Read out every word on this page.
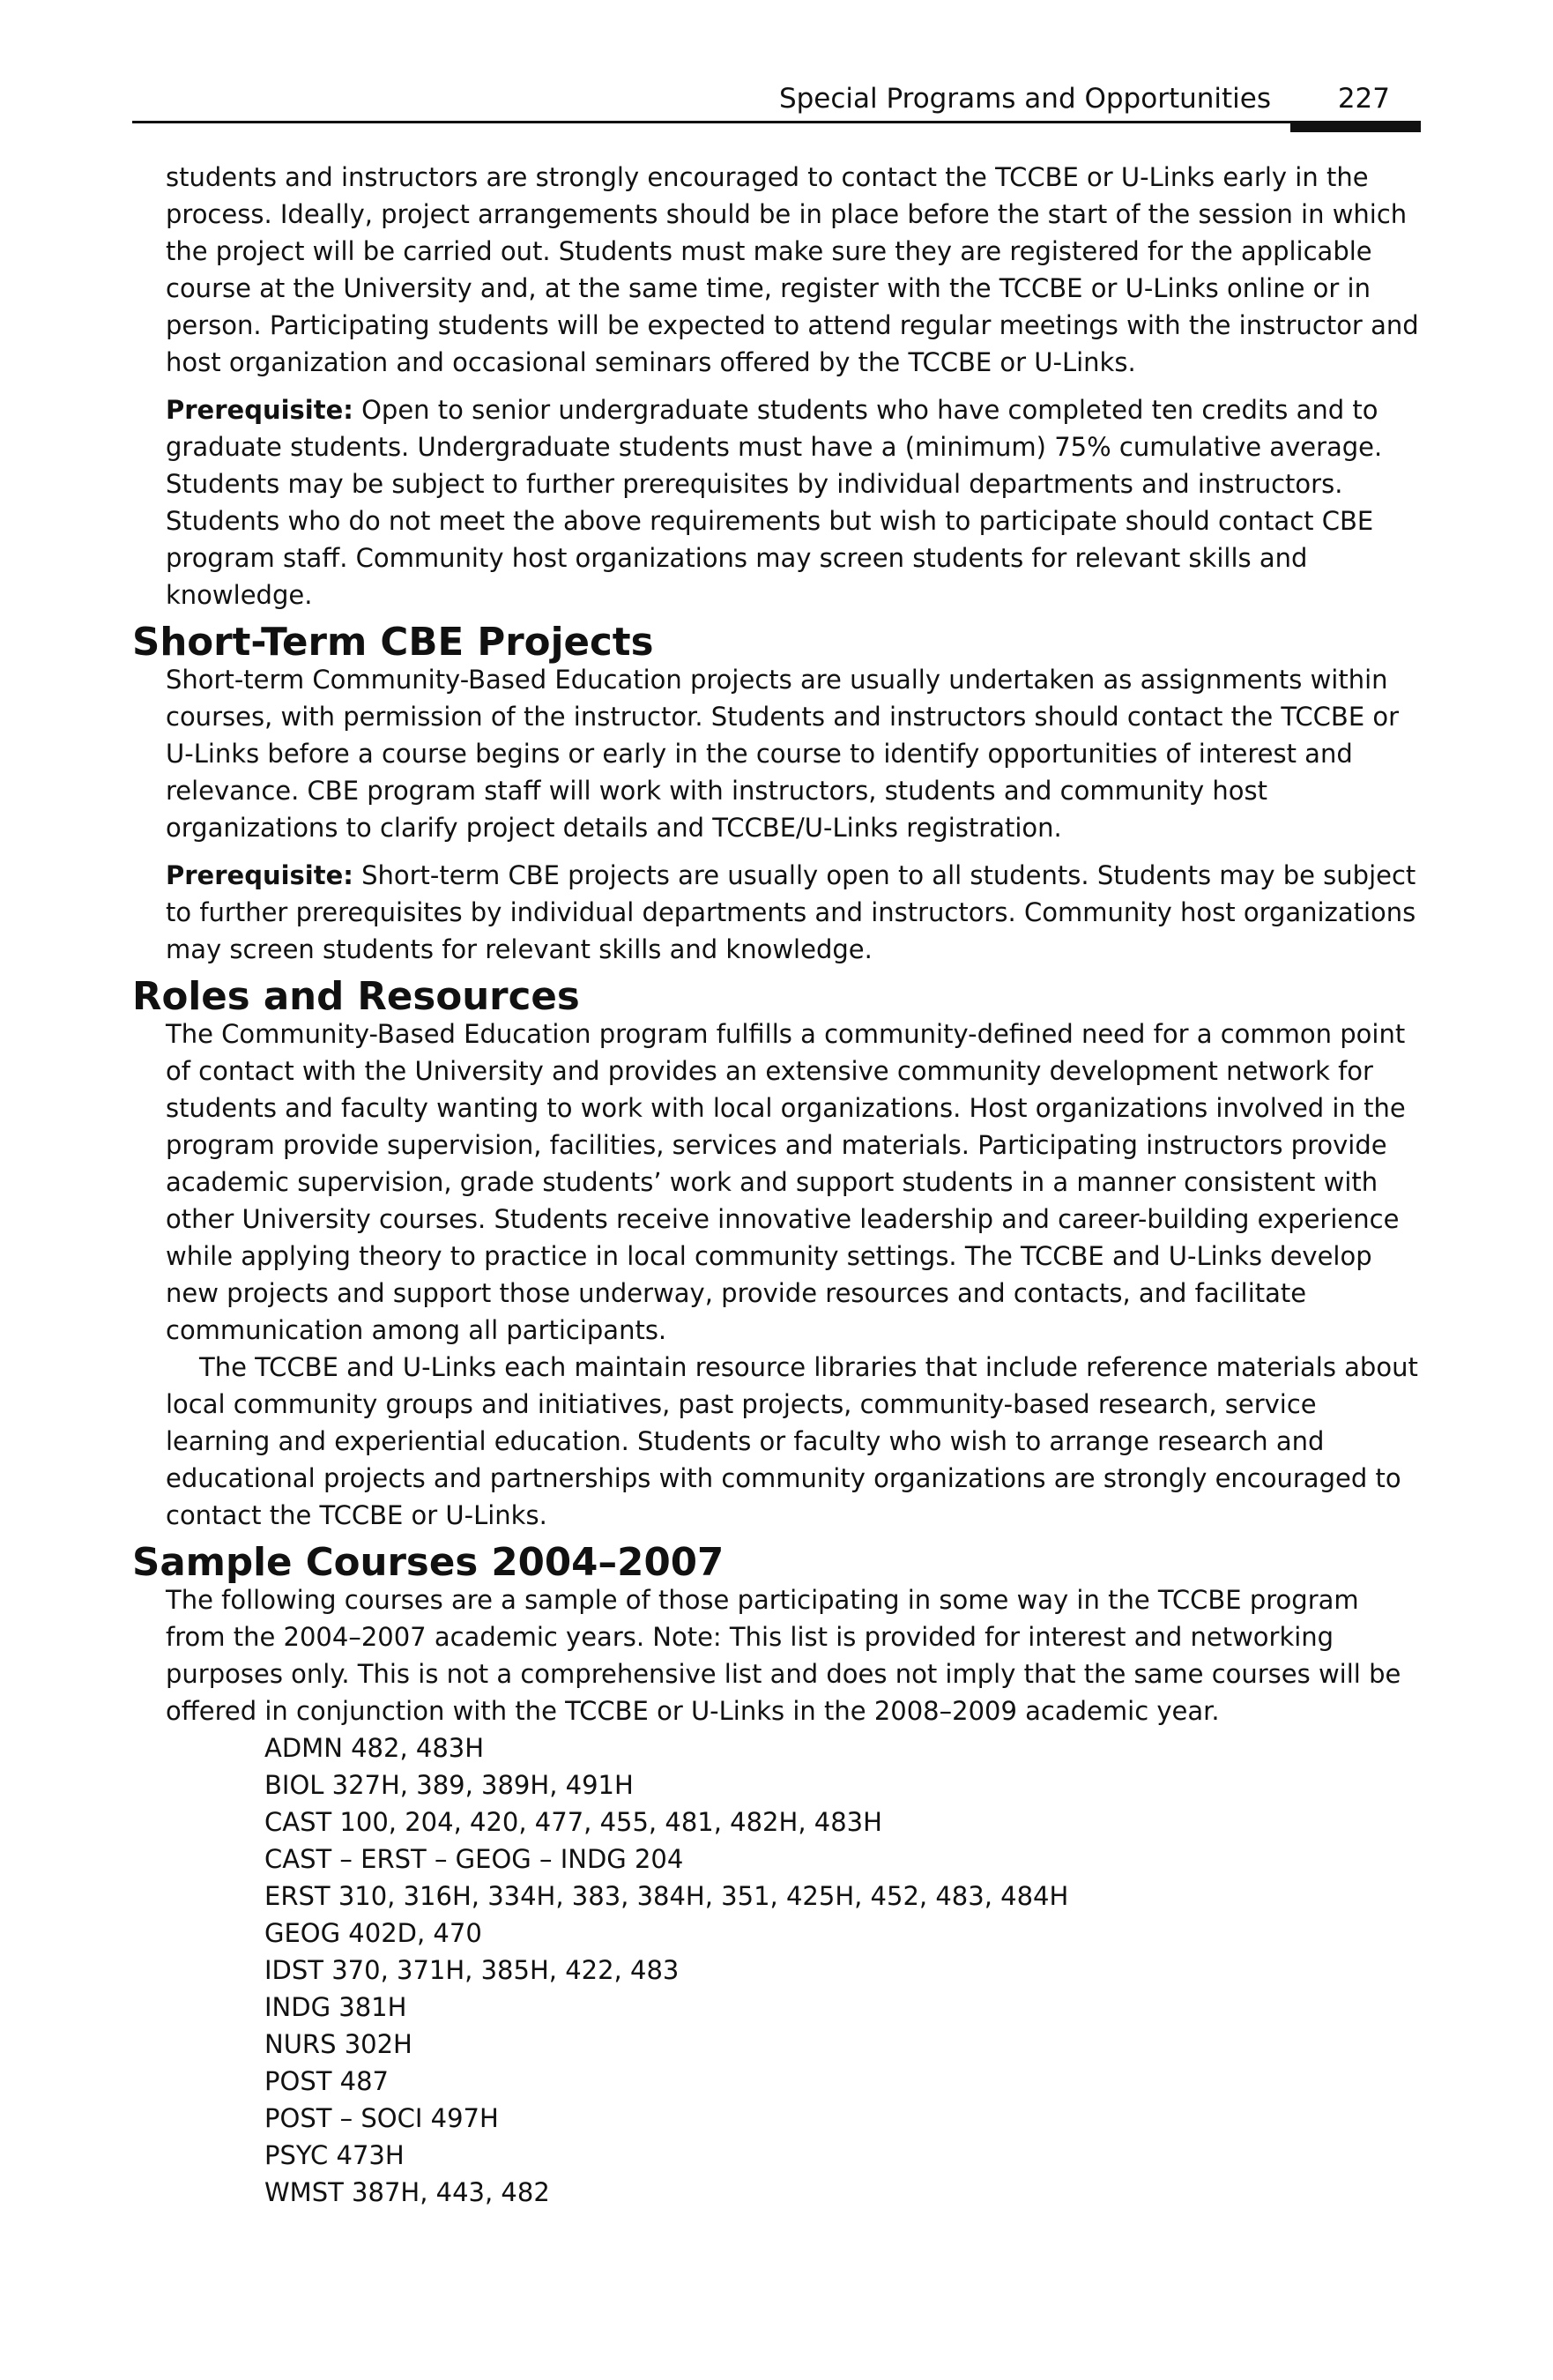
Special Programs and Opportunities 227

students and instructors are strongly encouraged to contact the TCCBE or U-Links early in the process. Ideally, project arrangements should be in place before the start of the session in which the project will be carried out. Students must make sure they are registered for the applicable course at the University and, at the same time, register with the TCCBE or U-Links online or in person. Participating students will be expected to attend regular meetings with the instructor and host organization and occasional seminars offered by the TCCBE or U-Links.

Prerequisite: Open to senior undergraduate students who have completed ten credits and to graduate students. Undergraduate students must have a (minimum) 75% cumulative average. Students may be subject to further prerequisites by individual departments and instructors. Students who do not meet the above requirements but wish to participate should contact CBE program staff. Community host organizations may screen students for relevant skills and knowledge.

Short-Term CBE Projects

Short-term Community-Based Education projects are usually undertaken as assignments within courses, with permission of the instructor. Students and instructors should contact the TCCBE or U-Links before a course begins or early in the course to identify opportunities of interest and relevance. CBE program staff will work with instructors, students and community host organizations to clarify project details and TCCBE/U-Links registration.

Prerequisite: Short-term CBE projects are usually open to all students. Students may be subject to further prerequisites by individual departments and instructors. Community host organizations may screen students for relevant skills and knowledge.

Roles and Resources

The Community-Based Education program fulfills a community-defined need for a common point of contact with the University and provides an extensive community development network for students and faculty wanting to work with local organizations. Host organizations involved in the program provide supervision, facilities, services and materials. Participating instructors provide academic supervision, grade students’ work and support students in a manner consistent with other University courses. Students receive innovative leadership and career-building experience while applying theory to practice in local community settings. The TCCBE and U-Links develop new projects and support those underway, provide resources and contacts, and facilitate communication among all participants.

The TCCBE and U-Links each maintain resource libraries that include reference materials about local community groups and initiatives, past projects, community-based research, service learning and experiential education. Students or faculty who wish to arrange research and educational projects and partnerships with community organizations are strongly encouraged to contact the TCCBE or U-Links.

Sample Courses 2004–2007

The following courses are a sample of those participating in some way in the TCCBE program from the 2004–2007 academic years. Note: This list is provided for interest and networking purposes only. This is not a comprehensive list and does not imply that the same courses will be offered in conjunction with the TCCBE or U-Links in the 2008–2009 academic year.

ADMN 482, 483H
BIOL 327H, 389, 389H, 491H
CAST 100, 204, 420, 477, 455, 481, 482H, 483H
CAST – ERST – GEOG – INDG 204
ERST 310, 316H, 334H, 383, 384H, 351, 425H, 452, 483, 484H
GEOG 402D, 470
IDST 370, 371H, 385H, 422, 483
INDG 381H
NURS 302H
POST 487
POST – SOCI 497H
PSYC 473H
WMST 387H, 443, 482
